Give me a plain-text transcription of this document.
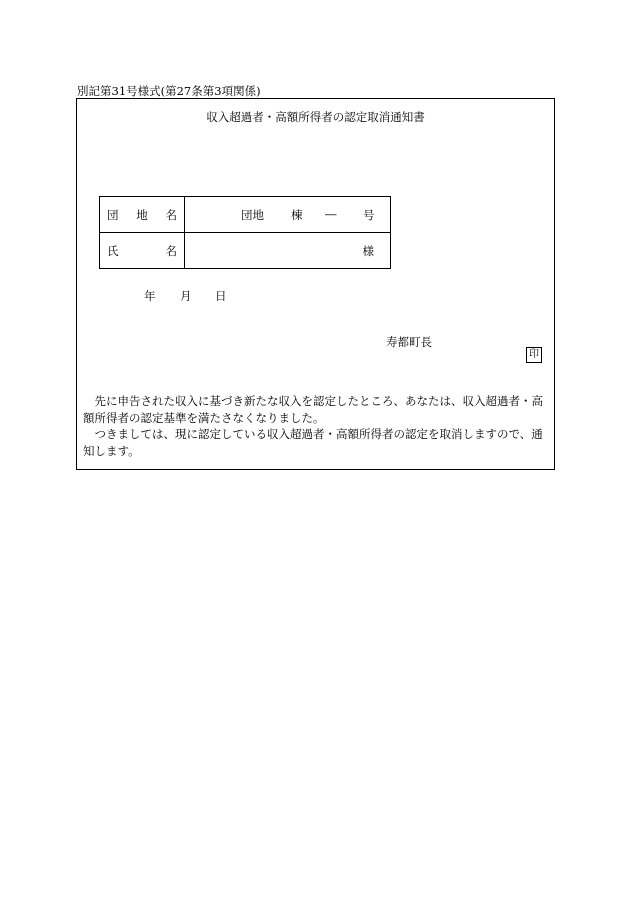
別記第31号様式(第27条第3項関係)
収入超過者・高額所得者の認定取消通知書
団 地 名	団地 棟 ― 号

氏 名	様
年 月 日
寿都町長
印

先に申告された収入に基づき新たな収入を認定したところ、あなたは、収入超過者・高額所得者の認定基準を満たさなくなりました。

つきましては、現に認定している収入超過者・高額所得者の認定を取消しますので、通知します。
